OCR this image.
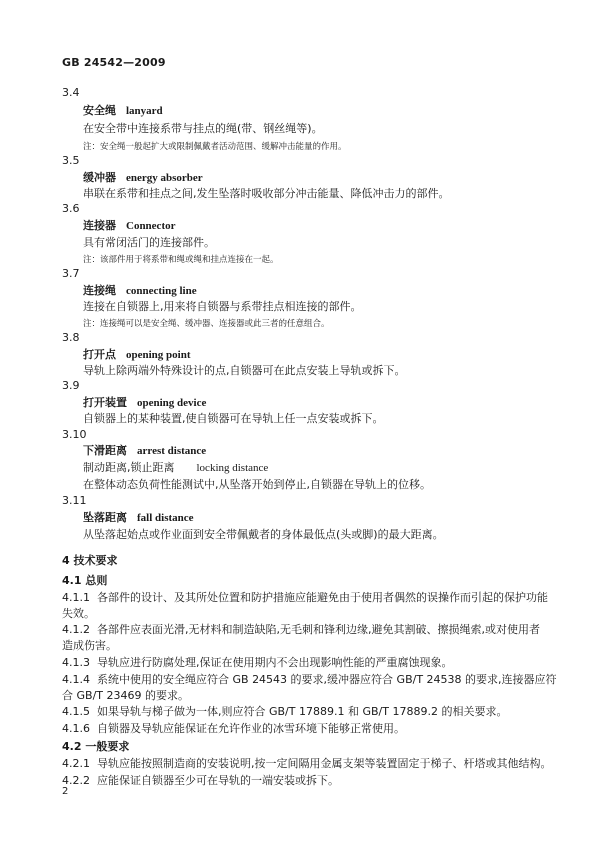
GB 24542—2009
3.4
安全绳 lanyard
在安全带中连接系带与挂点的绳(带、钢丝绳等)。
注：安全绳一般起扩大或限制佩戴者活动范围、缓解冲击能量的作用。
3.5
缓冲器 energy absorber
串联在系带和挂点之间,发生坠落时吸收部分冲击能量、降低冲击力的部件。
3.6
连接器 Connector
具有常闭活门的连接部件。
注：该部件用于将系带和绳或绳和挂点连接在一起。
3.7
连接绳 connecting line
连接在自锁器上,用来将自锁器与系带挂点相连接的部件。
注：连接绳可以是安全绳、缓冲器、连接器或此三者的任意组合。
3.8
打开点 opening point
导轨上除两端外特殊设计的点,自锁器可在此点安装上导轨或拆下。
3.9
打开装置 opening device
自锁器上的某种装置,使自锁器可在导轨上任一点安装或拆下。
3.10
下滑距离 arrest distance
制动距离,锁止距离 locking distance
在整体动态负荷性能测试中,从坠落开始到停止,自锁器在导轨上的位移。
3.11
坠落距离 fall distance
从坠落起始点或作业面到安全带佩戴者的身体最低点(头或脚)的最大距离。
4 技术要求
4.1 总则
4.1.1 各部件的设计、及其所处位置和防护措施应能避免由于使用者偶然的误操作而引起的保护功能
失效。
4.1.2 各部件应表面光滑,无材料和制造缺陷,无毛刺和锋利边缘,避免其割破、擦损绳索,或对使用者
造成伤害。
4.1.3 导轨应进行防腐处理,保证在使用期内不会出现影响性能的严重腐蚀现象。
4.1.4 系统中使用的安全绳应符合 GB 24543 的要求,缓冲器应符合 GB/T 24538 的要求,连接器应符
合 GB/T 23469 的要求。
4.1.5 如果导轨与梯子做为一体,则应符合 GB/T 17889.1 和 GB/T 17889.2 的相关要求。
4.1.6 自锁器及导轨应能保证在允许作业的冰雪环境下能够正常使用。
4.2 一般要求
4.2.1 导轨应能按照制造商的安装说明,按一定间隔用金属支架等装置固定于梯子、杆塔或其他结构。
4.2.2 应能保证自锁器至少可在导轨的一端安装或拆下。
2
